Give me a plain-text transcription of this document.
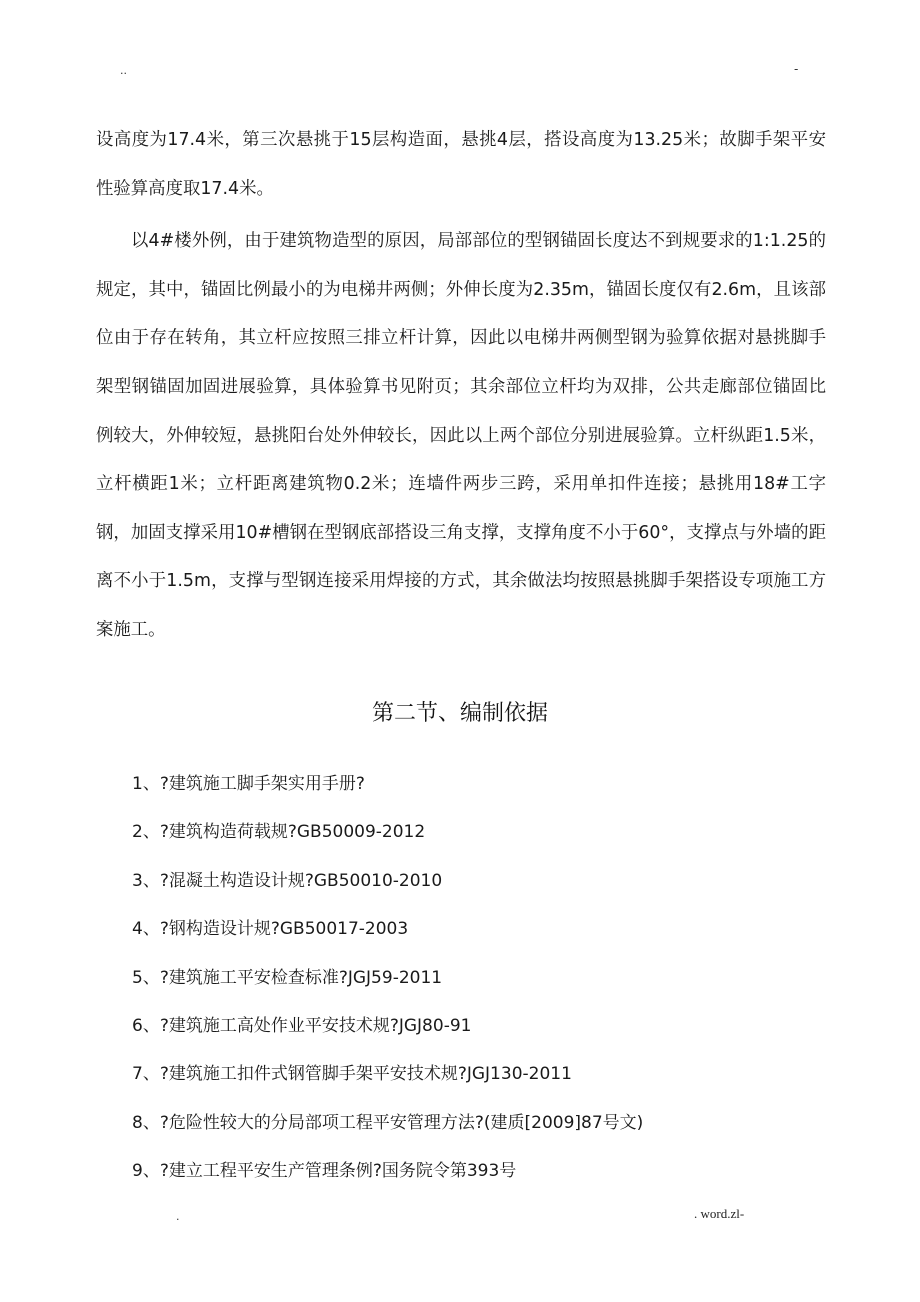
..	-

设高度为17.4米，第三次悬挑于15层构造面，悬挑4层，搭设高度为13.25米；故脚手架平安性验算高度取17.4米。

以4#楼外例，由于建筑物造型的原因，局部部位的型钢锚固长度达不到规要求的1:1.25的规定，其中，锚固比例最小的为电梯井两侧；外伸长度为2.35m，锚固长度仅有2.6m，且该部位由于存在转角，其立杆应按照三排立杆计算，因此以电梯井两侧型钢为验算依据对悬挑脚手架型钢锚固加固进展验算，具体验算书见附页；其余部位立杆均为双排，公共走廊部位锚固比例较大，外伸较短，悬挑阳台处外伸较长，因此以上两个部位分别进展验算。立杆纵距1.5米，立杆横距1米；立杆距离建筑物0.2米；连墙件两步三跨，采用单扣件连接；悬挑用18#工字钢，加固支撑采用10#槽钢在型钢底部搭设三角支撑，支撑角度不小于60°，支撑点与外墙的距离不小于1.5m，支撑与型钢连接采用焊接的方式，其余做法均按照悬挑脚手架搭设专项施工方案施工。

第二节、编制依据
1、?建筑施工脚手架实用手册?
2、?建筑构造荷载规?GB50009-2012
3、?混凝土构造设计规?GB50010-2010
4、?钢构造设计规?GB50017-2003
5、?建筑施工平安检查标准?JGJ59-2011
6、?建筑施工高处作业平安技术规?JGJ80-91
7、?建筑施工扣件式钢管脚手架平安技术规?JGJ130-2011
8、?危险性较大的分局部项工程平安管理方法?(建质[2009]87号文)
9、?建立工程平安生产管理条例?国务院令第393号
.	. word.zl-
